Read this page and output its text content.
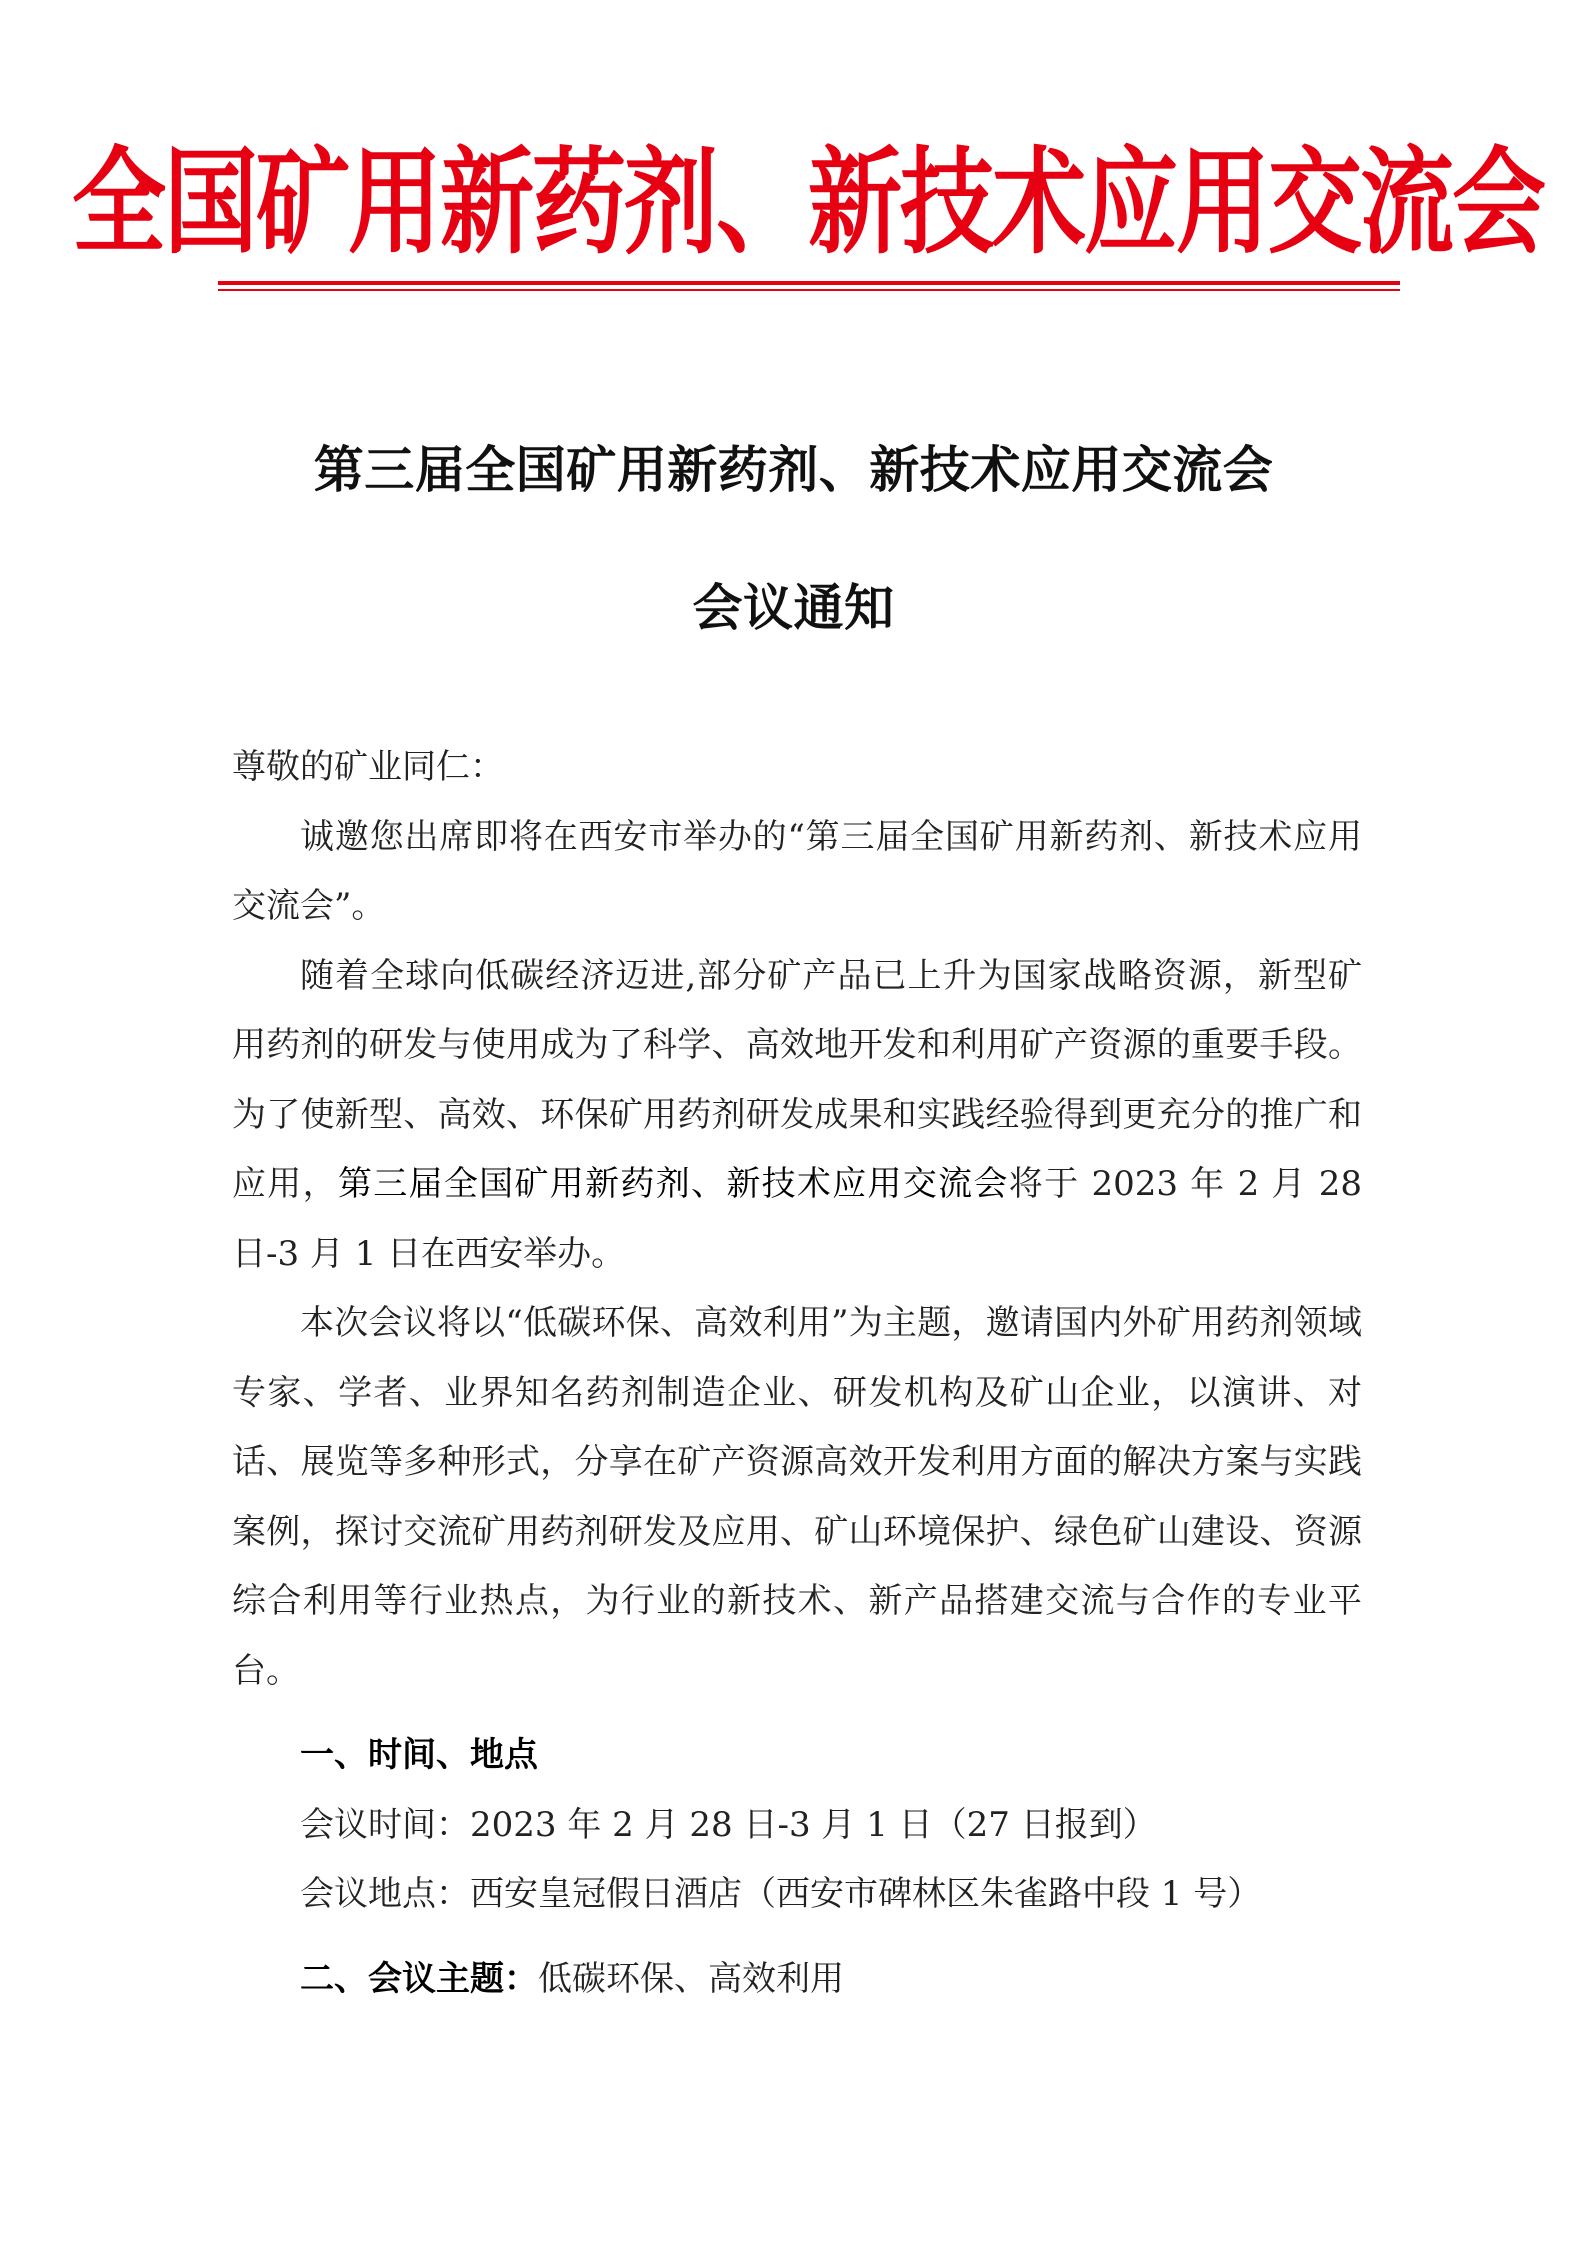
全国矿用新药剂、新技术应用交流会
第三届全国矿用新药剂、新技术应用交流会
会议通知

尊敬的矿业同仁：

诚邀您出席即将在西安市举办的“第三届全国矿用新药剂、新技术应用交流会”。

随着全球向低碳经济迈进,部分矿产品已上升为国家战略资源，新型矿用药剂的研发与使用成为了科学、高效地开发和利用矿产资源的重要手段。为了使新型、高效、环保矿用药剂研发成果和实践经验得到更充分的推广和应用，第三届全国矿用新药剂、新技术应用交流会将于 2023 年 2 月 28 日-3 月 1 日在西安举办。

本次会议将以“低碳环保、高效利用”为主题，邀请国内外矿用药剂领域专家、学者、业界知名药剂制造企业、研发机构及矿山企业，以演讲、对话、展览等多种形式，分享在矿产资源高效开发利用方面的解决方案与实践案例，探讨交流矿用药剂研发及应用、矿山环境保护、绿色矿山建设、资源综合利用等行业热点，为行业的新技术、新产品搭建交流与合作的专业平台。

一、时间、地点

会议时间：2023 年 2 月 28 日-3 月 1 日（27 日报到）

会议地点：西安皇冠假日酒店（西安市碑林区朱雀路中段 1 号）

二、会议主题：低碳环保、高效利用
